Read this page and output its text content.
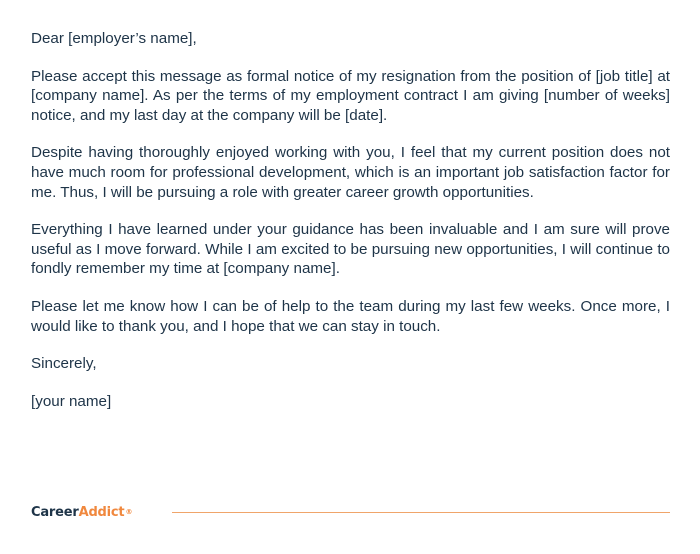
Dear [employer’s name],

Please accept this message as formal notice of my resignation from the position of [job title] at [company name]. As per the terms of my employment contract I am giving [number of weeks] notice, and my last day at the company will be [date].

Despite having thoroughly enjoyed working with you, I feel that my current position does not have much room for professional development, which is an important job satisfaction factor for me. Thus, I will be pursuing a role with greater career growth opportunities.

Everything I have learned under your guidance has been invaluable and I am sure will prove useful as I move forward. While I am excited to be pursuing new opportunities, I will continue to fondly remember my time at [company name].

Please let me know how I can be of help to the team during my last few weeks. Once more, I would like to thank you, and I hope that we can stay in touch.

Sincerely,

[your name]

CareerAddict®
